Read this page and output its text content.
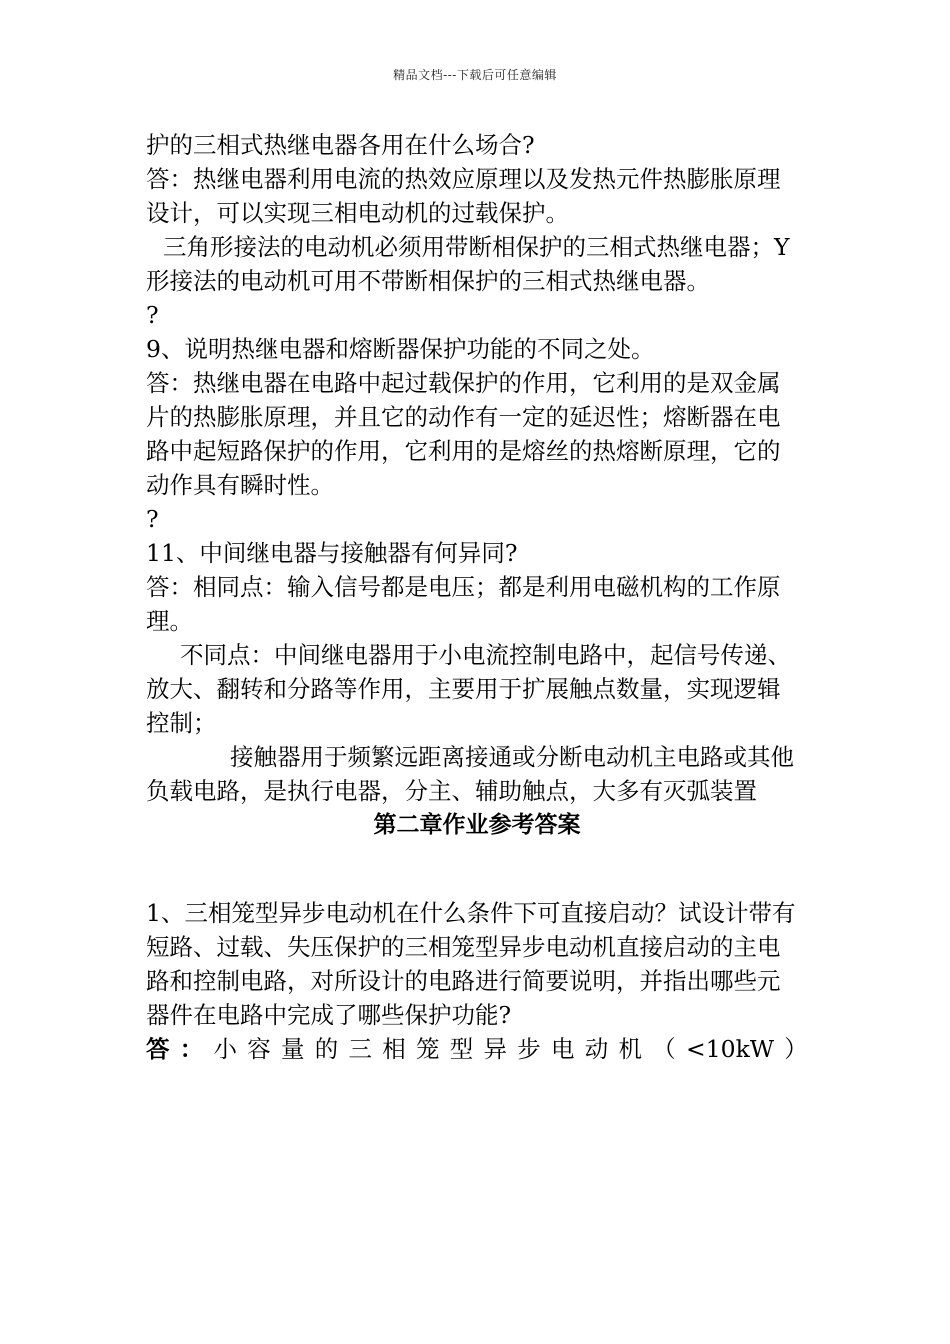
精品文档---下载后可任意编辑
护的三相式热继电器各用在什么场合?
答：热继电器利用电流的热效应原理以及发热元件热膨胀原理
设计，可以实现三相电动机的过载保护。
三角形接法的电动机必须用带断相保护的三相式热继电器；Y
形接法的电动机可用不带断相保护的三相式热继电器。
?
9、说明热继电器和熔断器保护功能的不同之处。
答：热继电器在电路中起过载保护的作用，它利用的是双金属
片的热膨胀原理，并且它的动作有一定的延迟性；熔断器在电
路中起短路保护的作用，它利用的是熔丝的热熔断原理，它的
动作具有瞬时性。
?
11、中间继电器与接触器有何异同?
答：相同点：输入信号都是电压；都是利用电磁机构的工作原
理。
不同点：中间继电器用于小电流控制电路中，起信号传递、
放大、翻转和分路等作用，主要用于扩展触点数量，实现逻辑
控制；
接触器用于频繁远距离接通或分断电动机主电路或其他
负载电路，是执行电器，分主、辅助触点，大多有灭弧装置
第二章作业参考答案
1、三相笼型异步电动机在什么条件下可直接启动？试设计带有
短路、过载、失压保护的三相笼型异步电动机直接启动的主电
路和控制电路，对所设计的电路进行简要说明，并指出哪些元
器件在电路中完成了哪些保护功能?
答 ： 小 容 量 的 三 相 笼 型 异 步 电 动 机 （ <10kW ）
